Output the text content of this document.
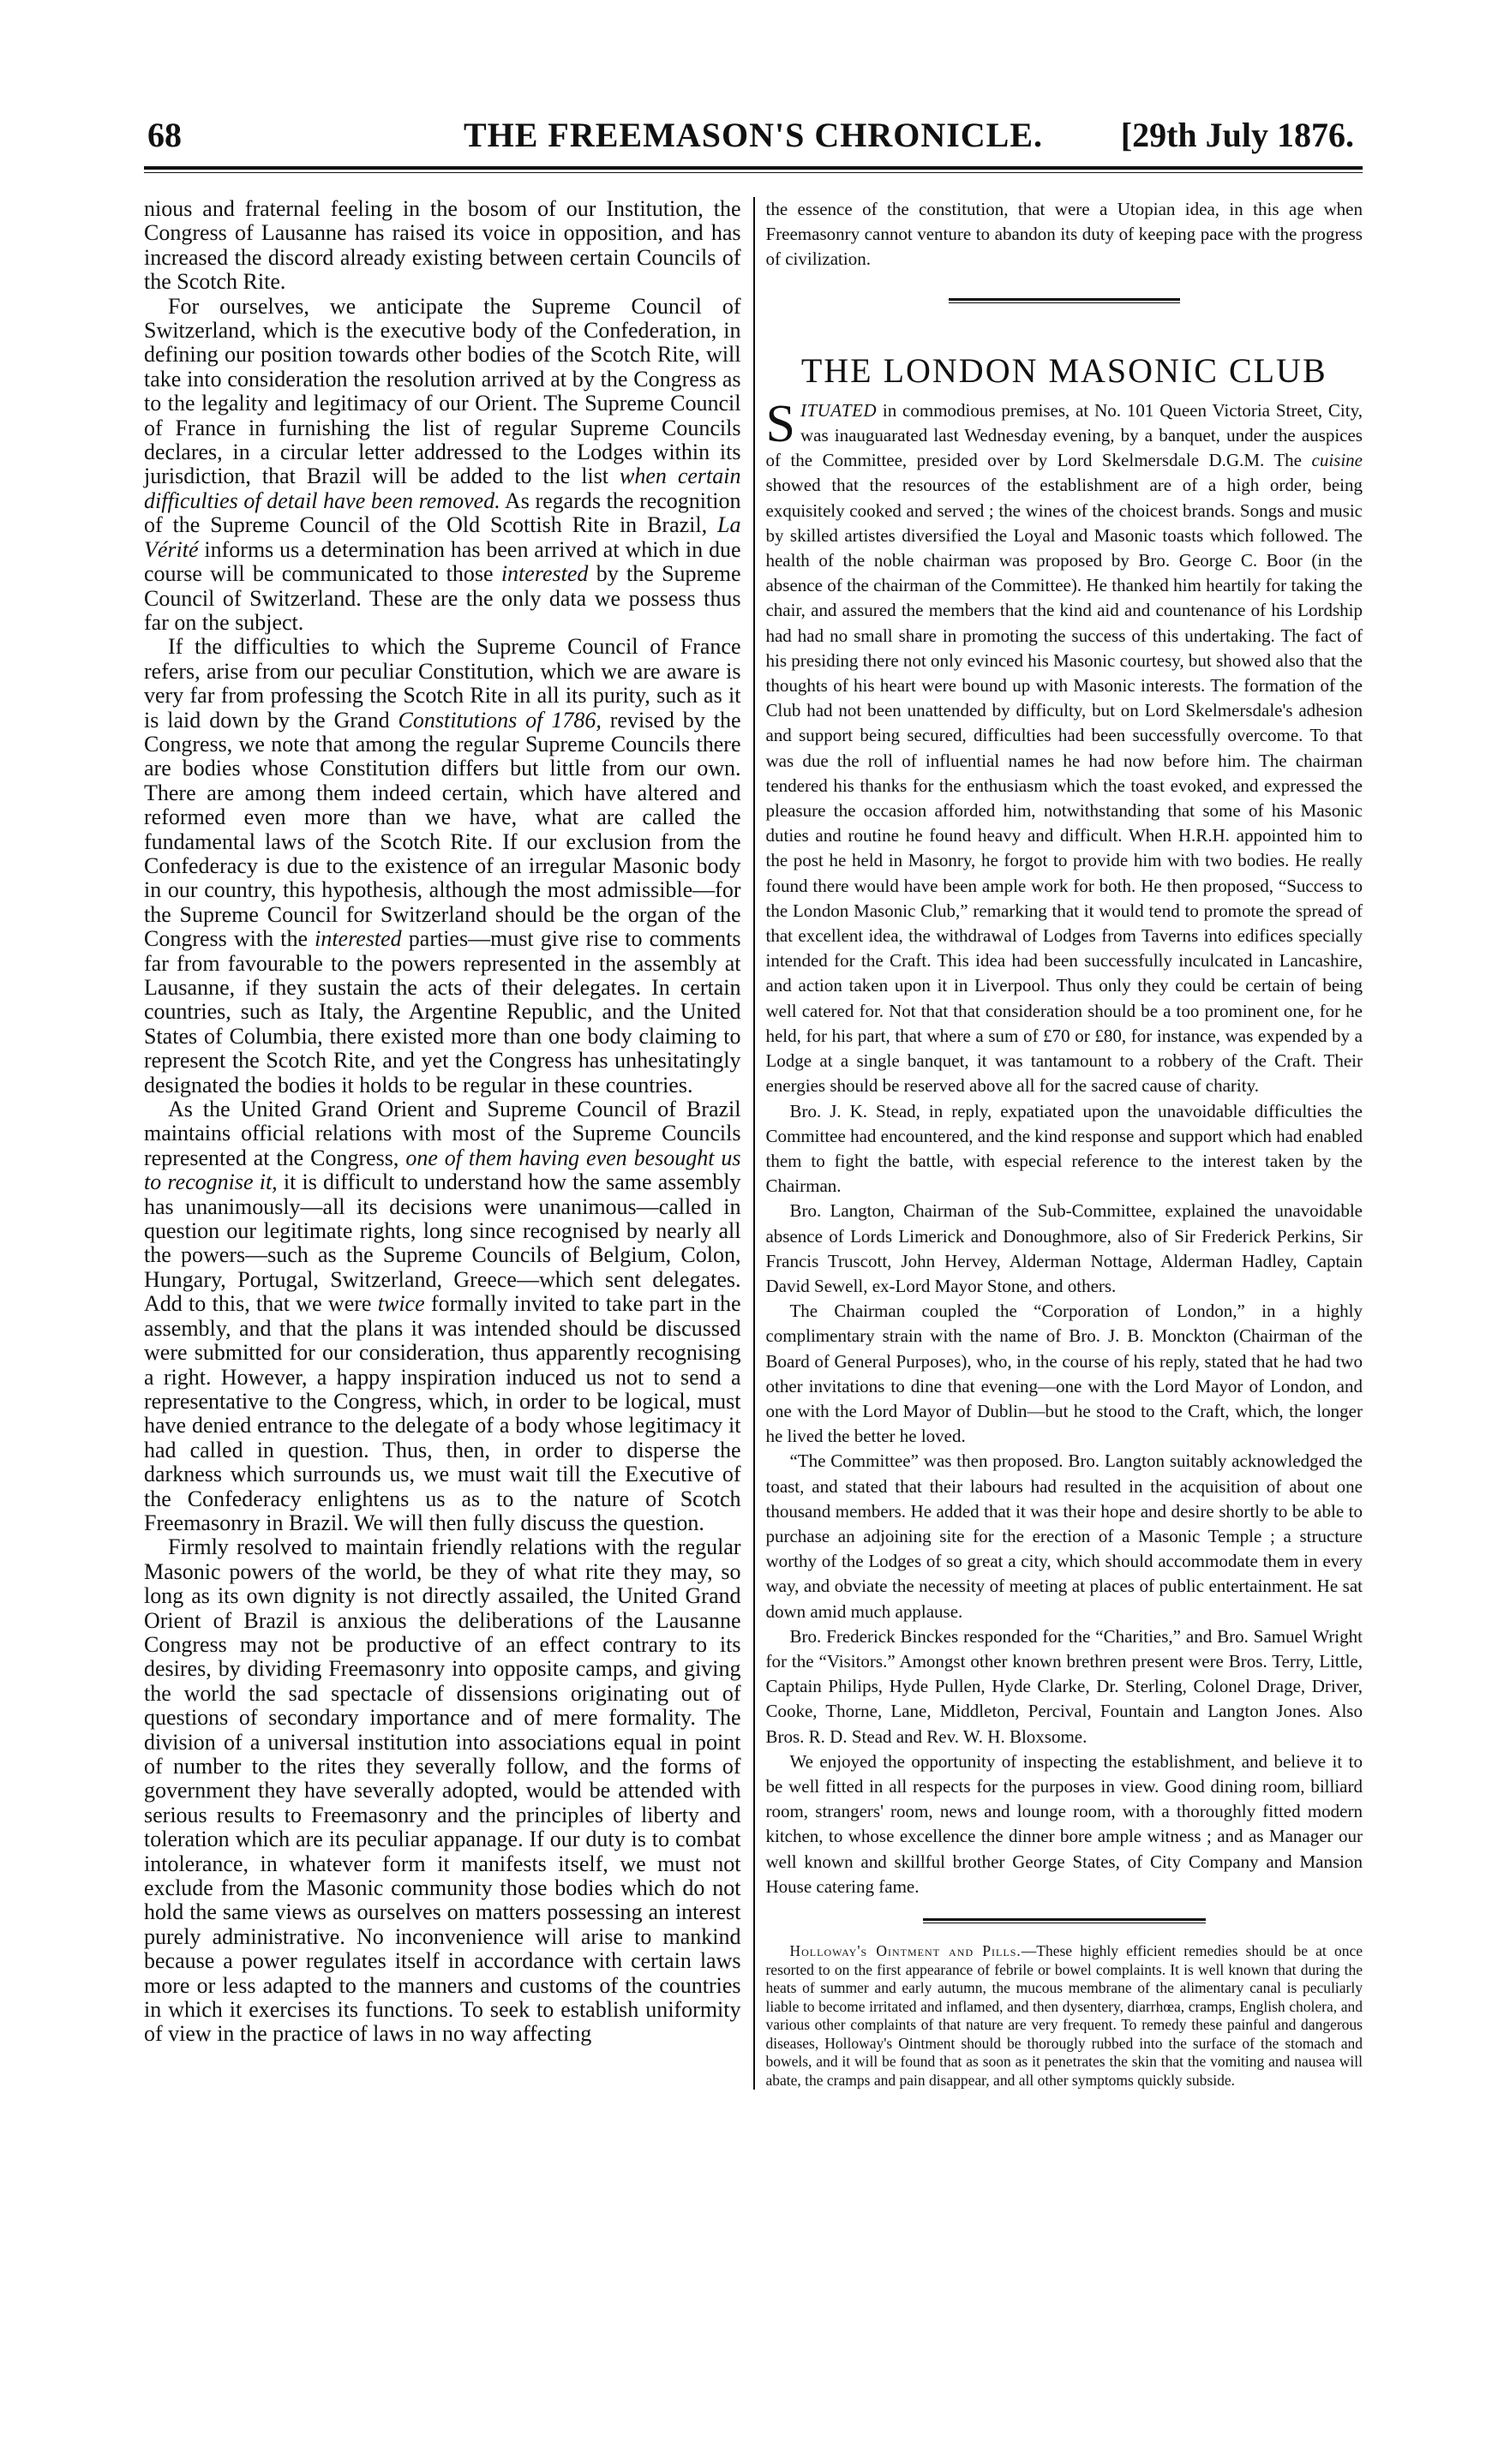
68	THE FREEMASON'S CHRONICLE.	[29th July 1876.

nious and fraternal feeling in the bosom of our Institution, the Congress of Lausanne has raised its voice in opposition, and has increased the discord already existing between certain Councils of the Scotch Rite.

For ourselves, we anticipate the Supreme Council of Switzerland, which is the executive body of the Confederation, in defining our position towards other bodies of the Scotch Rite, will take into consideration the resolution arrived at by the Congress as to the legality and legitimacy of our Orient. The Supreme Council of France in furnishing the list of regular Supreme Councils declares, in a circular letter addressed to the Lodges within its jurisdiction, that Brazil will be added to the list when certain difficulties of detail have been removed. As regards the recognition of the Supreme Council of the Old Scottish Rite in Brazil, La Vérité informs us a determination has been arrived at which in due course will be communicated to those interested by the Supreme Council of Switzerland. These are the only data we possess thus far on the subject.

If the difficulties to which the Supreme Council of France refers, arise from our peculiar Constitution, which we are aware is very far from professing the Scotch Rite in all its purity, such as it is laid down by the Grand Constitutions of 1786, revised by the Congress, we note that among the regular Supreme Councils there are bodies whose Constitution differs but little from our own. There are among them indeed certain, which have altered and reformed even more than we have, what are called the fundamental laws of the Scotch Rite. If our exclusion from the Confederacy is due to the existence of an irregular Masonic body in our country, this hypothesis, although the most admissible—for the Supreme Council for Switzerland should be the organ of the Congress with the interested parties—must give rise to comments far from favourable to the powers represented in the assembly at Lausanne, if they sustain the acts of their delegates. In certain countries, such as Italy, the Argentine Republic, and the United States of Columbia, there existed more than one body claiming to represent the Scotch Rite, and yet the Congress has unhesitatingly designated the bodies it holds to be regular in these countries.

As the United Grand Orient and Supreme Council of Brazil maintains official relations with most of the Supreme Councils represented at the Congress, one of them having even besought us to recognise it, it is difficult to understand how the same assembly has unanimously—all its decisions were unanimous—called in question our legitimate rights, long since recognised by nearly all the powers—such as the Supreme Councils of Belgium, Colon, Hungary, Portugal, Switzerland, Greece—which sent delegates. Add to this, that we were twice formally invited to take part in the assembly, and that the plans it was intended should be discussed were submitted for our consideration, thus apparently recognising a right. However, a happy inspiration induced us not to send a representative to the Congress, which, in order to be logical, must have denied entrance to the delegate of a body whose legitimacy it had called in question. Thus, then, in order to disperse the darkness which surrounds us, we must wait till the Executive of the Confederacy enlightens us as to the nature of Scotch Freemasonry in Brazil. We will then fully discuss the question.

Firmly resolved to maintain friendly relations with the regular Masonic powers of the world, be they of what rite they may, so long as its own dignity is not directly assailed, the United Grand Orient of Brazil is anxious the deliberations of the Lausanne Congress may not be productive of an effect contrary to its desires, by dividing Freemasonry into opposite camps, and giving the world the sad spectacle of dissensions originating out of questions of secondary importance and of mere formality. The division of a universal institution into associations equal in point of number to the rites they severally follow, and the forms of government they have severally adopted, would be attended with serious results to Freemasonry and the principles of liberty and toleration which are its peculiar appanage. If our duty is to combat intolerance, in whatever form it manifests itself, we must not exclude from the Masonic community those bodies which do not hold the same views as ourselves on matters possessing an interest purely administrative. No inconvenience will arise to mankind because a power regulates itself in accordance with certain laws more or less adapted to the manners and customs of the countries in which it exercises its functions. To seek to establish uniformity of view in the practice of laws in no way affecting

the essence of the constitution, that were a Utopian idea, in this age when Freemasonry cannot venture to abandon its duty of keeping pace with the progress of civilization.

THE LONDON MASONIC CLUB

SITUATED in commodious premises, at No. 101 Queen Victoria Street, City, was inauguarated last Wednesday evening, by a banquet, under the auspices of the Committee, presided over by Lord Skelmersdale D.G.M. The cuisine showed that the resources of the establishment are of a high order, being exquisitely cooked and served ; the wines of the choicest brands. Songs and music by skilled artistes diversified the Loyal and Masonic toasts which followed. The health of the noble chairman was proposed by Bro. George C. Boor (in the absence of the chairman of the Committee). He thanked him heartily for taking the chair, and assured the members that the kind aid and countenance of his Lordship had had no small share in promoting the success of this undertaking. The fact of his presiding there not only evinced his Masonic courtesy, but showed also that the thoughts of his heart were bound up with Masonic interests. The formation of the Club had not been unattended by difficulty, but on Lord Skelmersdale's adhesion and support being secured, difficulties had been successfully overcome. To that was due the roll of influential names he had now before him. The chairman tendered his thanks for the enthusiasm which the toast evoked, and expressed the pleasure the occasion afforded him, notwithstanding that some of his Masonic duties and routine he found heavy and difficult. When H.R.H. appointed him to the post he held in Masonry, he forgot to provide him with two bodies. He really found there would have been ample work for both. He then proposed, “Success to the London Masonic Club,” remarking that it would tend to promote the spread of that excellent idea, the withdrawal of Lodges from Taverns into edifices specially intended for the Craft. This idea had been successfully inculcated in Lancashire, and action taken upon it in Liverpool. Thus only they could be certain of being well catered for. Not that that consideration should be a too prominent one, for he held, for his part, that where a sum of £70 or £80, for instance, was expended by a Lodge at a single banquet, it was tantamount to a robbery of the Craft. Their energies should be reserved above all for the sacred cause of charity.

Bro. J. K. Stead, in reply, expatiated upon the unavoidable difficulties the Committee had encountered, and the kind response and support which had enabled them to fight the battle, with especial reference to the interest taken by the Chairman.

Bro. Langton, Chairman of the Sub-Committee, explained the unavoidable absence of Lords Limerick and Donoughmore, also of Sir Frederick Perkins, Sir Francis Truscott, John Hervey, Alderman Nottage, Alderman Hadley, Captain David Sewell, ex-Lord Mayor Stone, and others.

The Chairman coupled the “Corporation of London,” in a highly complimentary strain with the name of Bro. J. B. Monckton (Chairman of the Board of General Purposes), who, in the course of his reply, stated that he had two other invitations to dine that evening—one with the Lord Mayor of London, and one with the Lord Mayor of Dublin—but he stood to the Craft, which, the longer he lived the better he loved.

“The Committee” was then proposed. Bro. Langton suitably acknowledged the toast, and stated that their labours had resulted in the acquisition of about one thousand members. He added that it was their hope and desire shortly to be able to purchase an adjoining site for the erection of a Masonic Temple ; a structure worthy of the Lodges of so great a city, which should accommodate them in every way, and obviate the necessity of meeting at places of public entertainment. He sat down amid much applause.

Bro. Frederick Binckes responded for the “Charities,” and Bro. Samuel Wright for the “Visitors.” Amongst other known brethren present were Bros. Terry, Little, Captain Philips, Hyde Pullen, Hyde Clarke, Dr. Sterling, Colonel Drage, Driver, Cooke, Thorne, Lane, Middleton, Percival, Fountain and Langton Jones. Also Bros. R. D. Stead and Rev. W. H. Bloxsome.

We enjoyed the opportunity of inspecting the establishment, and believe it to be well fitted in all respects for the purposes in view. Good dining room, billiard room, strangers' room, news and lounge room, with a thoroughly fitted modern kitchen, to whose excellence the dinner bore ample witness ; and as Manager our well known and skillful brother George States, of City Company and Mansion House catering fame.

Holloway's Ointment and Pills.—These highly efficient remedies should be at once resorted to on the first appearance of febrile or bowel complaints. It is well known that during the heats of summer and early autumn, the mucous membrane of the alimentary canal is peculiarly liable to become irritated and inflamed, and then dysentery, diarrhœa, cramps, English cholera, and various other complaints of that nature are very frequent. To remedy these painful and dangerous diseases, Holloway's Ointment should be thorougly rubbed into the surface of the stomach and bowels, and it will be found that as soon as it penetrates the skin that the vomiting and nausea will abate, the cramps and pain disappear, and all other symptoms quickly subside.
